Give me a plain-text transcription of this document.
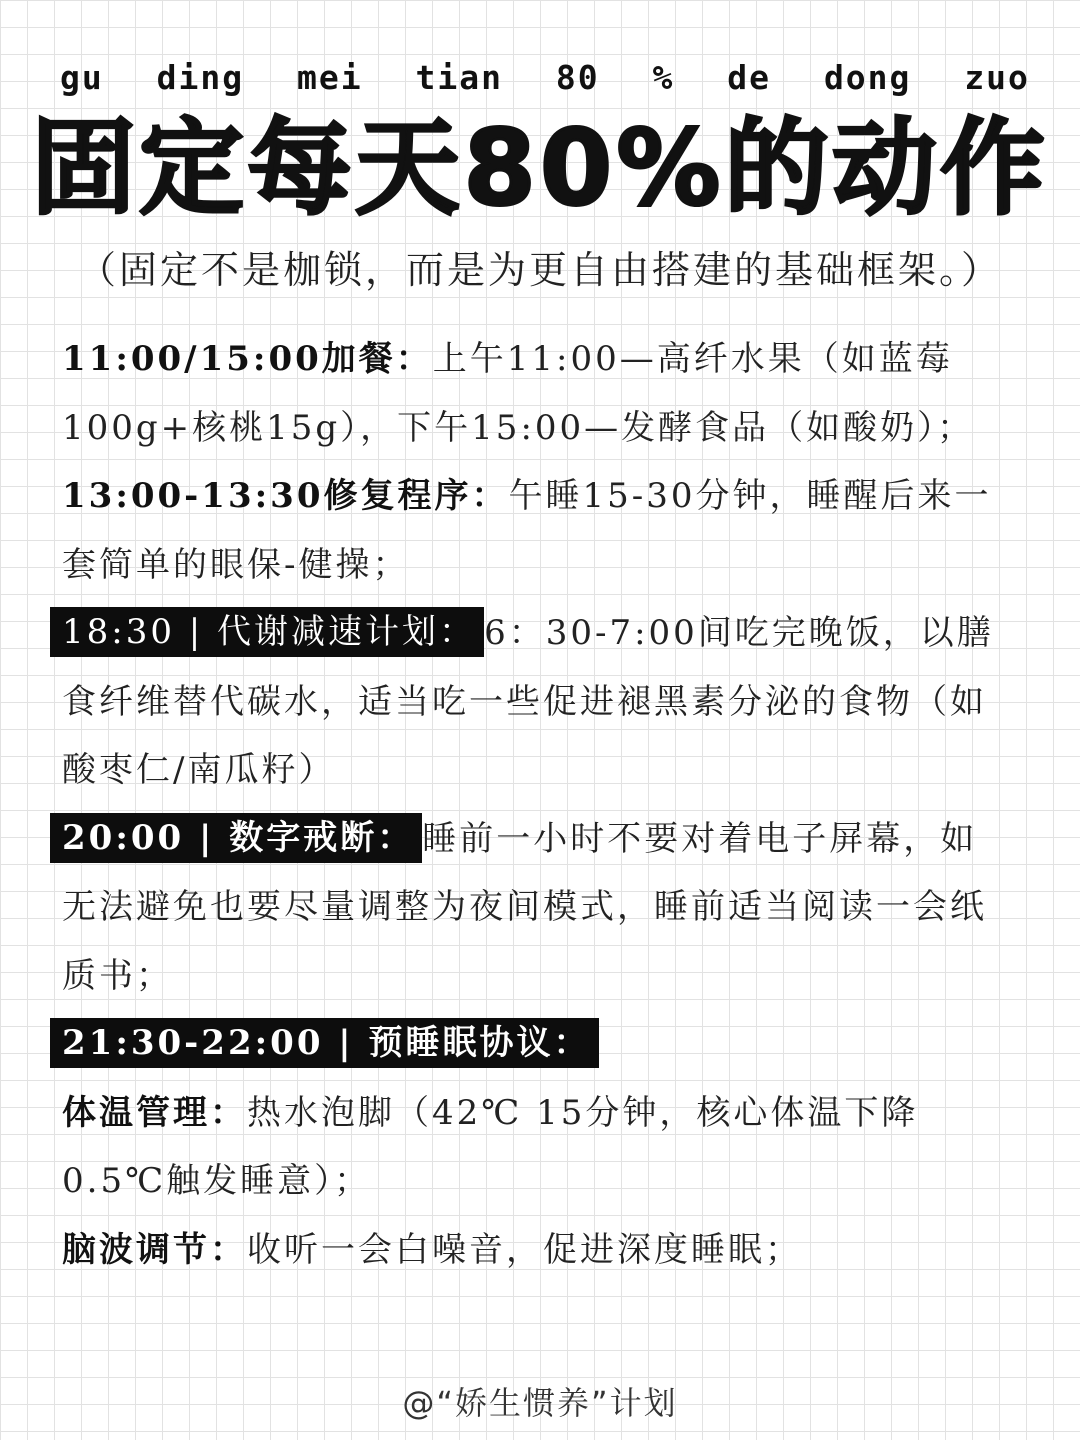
gu ding mei tian 80 % de dong zuo
固定每天80%的动作
（固定不是枷锁，而是为更自由搭建的基础框架。）

11:00/15:00加餐：上午11:00—高纤水果（如蓝莓100g+核桃15g），下午15:00—发酵食品（如酸奶）；

13:00-13:30修复程序：午睡15-30分钟，睡醒后来一套简单的眼保-健操；

18:30 | 代谢减速计划： 6：30-7:00间吃完晚饭，以膳食纤维替代碳水，适当吃一些促进褪黑素分泌的食物（如酸枣仁/南瓜籽）

20:00 | 数字戒断： 睡前一小时不要对着电子屏幕，如无法避免也要尽量调整为夜间模式，睡前适当阅读一会纸质书；

21:30-22:00 | 预睡眠协议：

体温管理：热水泡脚（42℃ 15分钟，核心体温下降0.5℃触发睡意）；

脑波调节：收听一会白噪音，促进深度睡眠；

@“娇生惯养”计划
